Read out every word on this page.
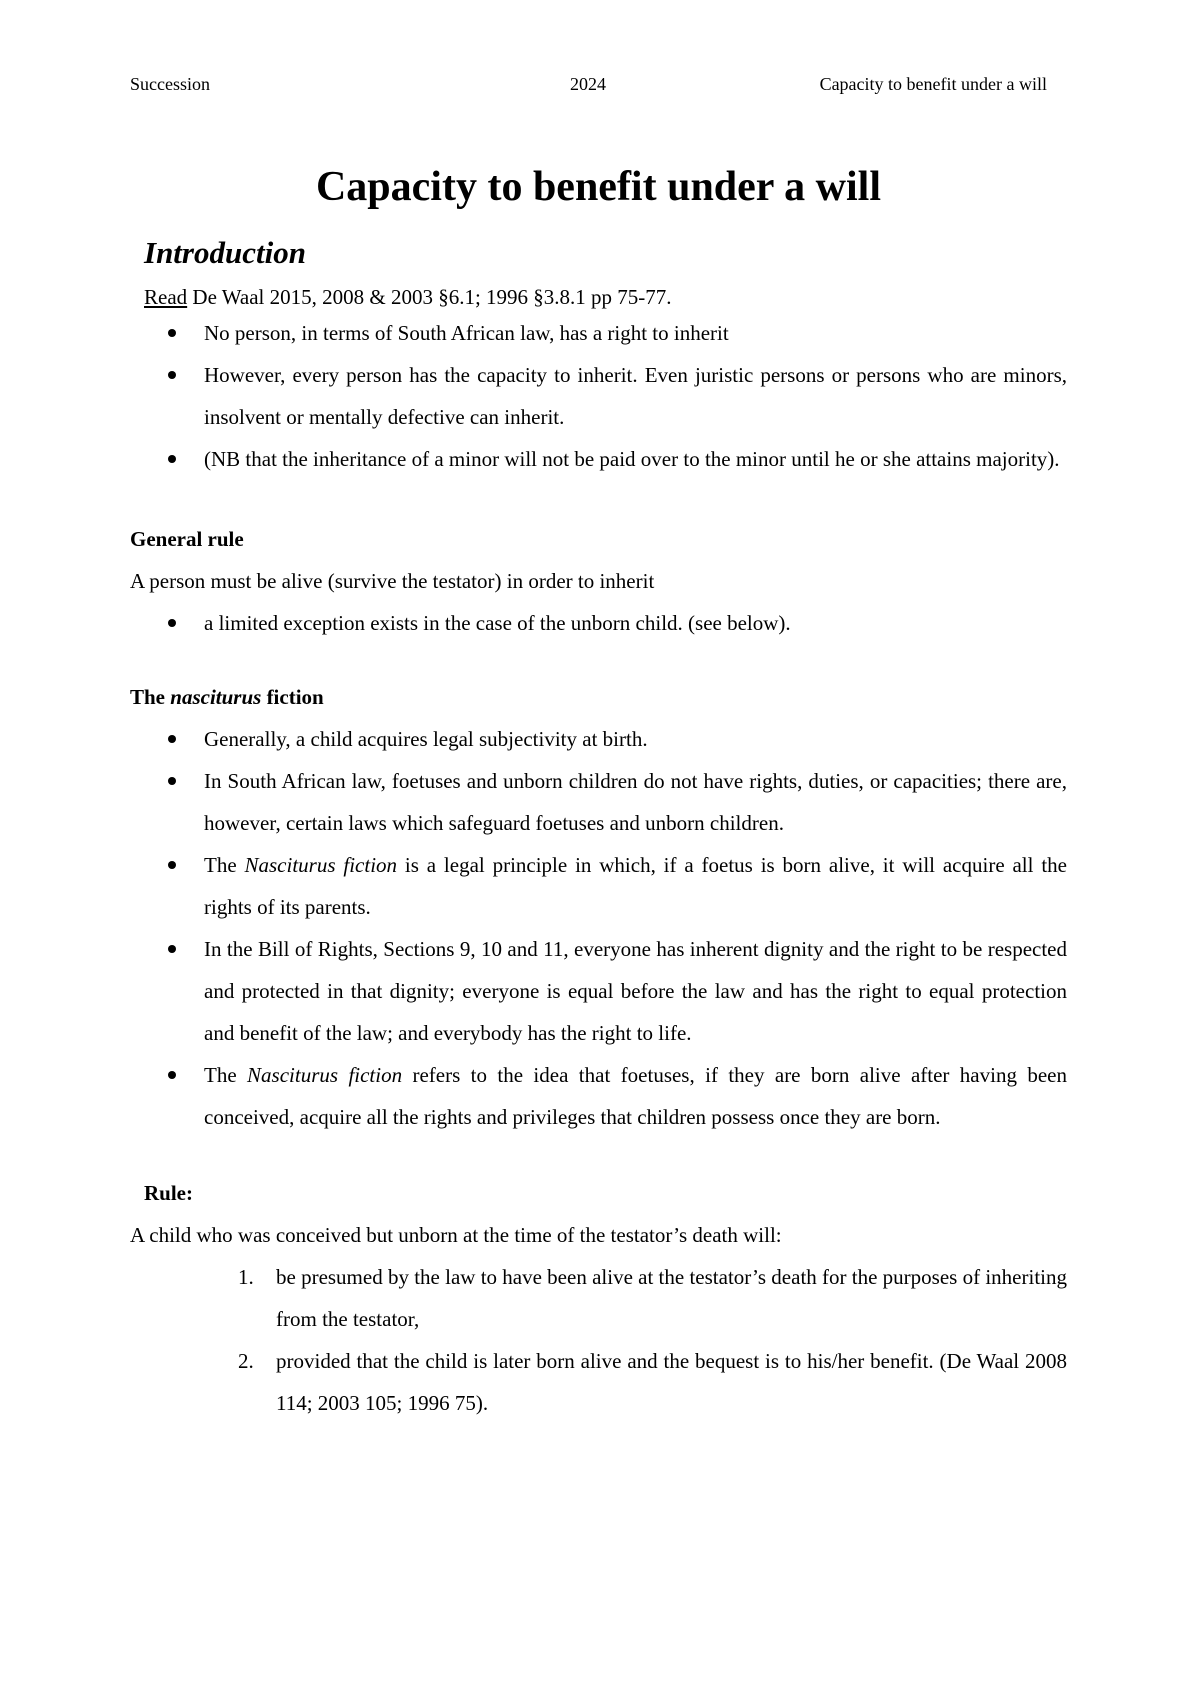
Succession	2024	Capacity to benefit under a will
Capacity to benefit under a will
Introduction

Read De Waal 2015, 2008 & 2003 §6.1; 1996 §3.8.1 pp 75-77.

No person, in terms of South African law, has a right to inherit
However, every person has the capacity to inherit. Even juristic persons or persons who are minors, insolvent or mentally defective can inherit.
(NB that the inheritance of a minor will not be paid over to the minor until he or she attains majority).
General rule

A person must be alive (survive the testator) in order to inherit

a limited exception exists in the case of the unborn child. (see below).
The nasciturus fiction
Generally, a child acquires legal subjectivity at birth.
In South African law, foetuses and unborn children do not have rights, duties, or capacities; there are, however, certain laws which safeguard foetuses and unborn children.
The Nasciturus fiction is a legal principle in which, if a foetus is born alive, it will acquire all the rights of its parents.
In the Bill of Rights, Sections 9, 10 and 11, everyone has inherent dignity and the right to be respected and protected in that dignity; everyone is equal before the law and has the right to equal protection and benefit of the law; and everybody has the right to life.
The Nasciturus fiction refers to the idea that foetuses, if they are born alive after having been conceived, acquire all the rights and privileges that children possess once they are born.
Rule:

A child who was conceived but unborn at the time of the testator’s death will:

1. be presumed by the law to have been alive at the testator’s death for the purposes of inheriting from the testator,
2. provided that the child is later born alive and the bequest is to his/her benefit. (De Waal 2008 114; 2003 105; 1996 75).
